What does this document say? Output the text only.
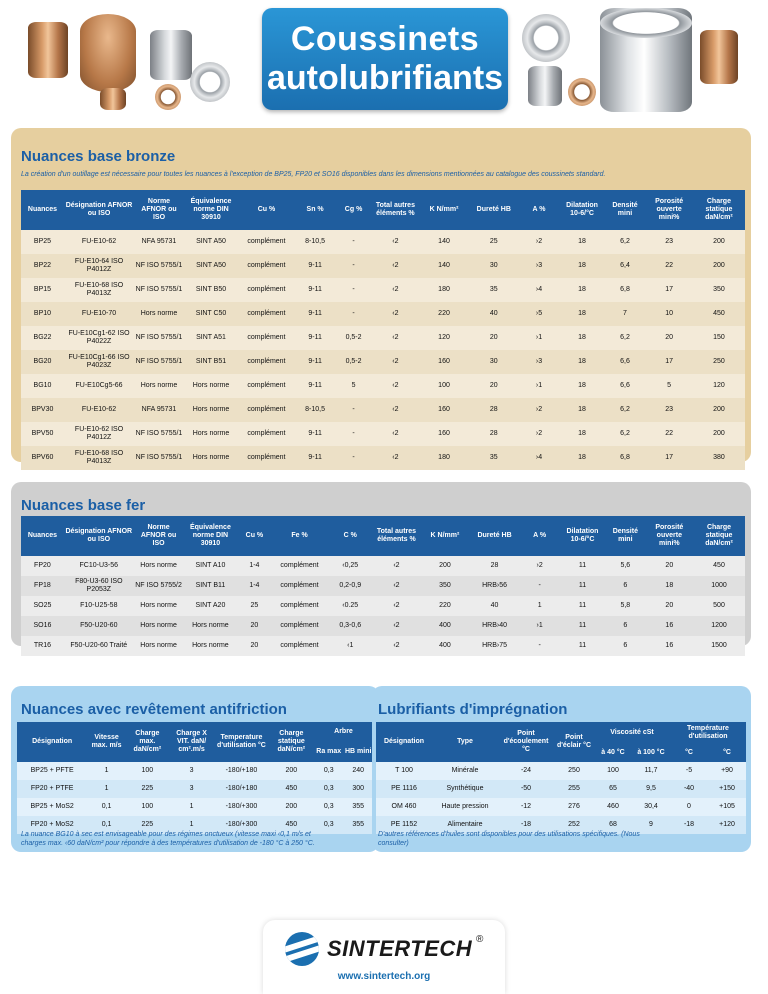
Coussinets
autolubrifiants
Nuances base bronze
La création d'un outillage est nécessaire pour toutes les nuances à l'exception de BP25, FP20 et SO16 disponibles dans les dimensions mentionnées au catalogue des coussinets standard.
Nuances	Désignation AFNOR ou ISO	Norme AFNOR ou ISO	Équivalence norme DIN 30910	Cu %	Sn %	Cg %	Total autres éléments %	K N/mm²	Dureté HB	A %	Dilatation 10-6/°C	Densité mini	Porosité ouverte mini%	Charge statique daN/cm²
BP25	FU-E10-62	NFA 95731	SINT A50	complément	8-10,5	-	‹2	140	25	›2	18	6,2	23	200
BP22	FU-E10-64 ISO P4012Z	NF ISO 5755/1	SINT A50	complément	9-11	-	‹2	140	30	›3	18	6,4	22	200
BP15	FU-E10-68 ISO P4013Z	NF ISO 5755/1	SINT B50	complément	9-11	-	‹2	180	35	›4	18	6,8	17	350
BP10	FU-E10-70	Hors norme	SINT C50	complément	9-11	-	‹2	220	40	›5	18	7	10	450
BG22	FU-E10Cg1-62 ISO P4022Z	NF ISO 5755/1	SINT A51	complément	9-11	0,5-2	‹2	120	20	›1	18	6,2	20	150
BG20	FU-E10Cg1-66 ISO P4023Z	NF ISO 5755/1	SINT B51	complément	9-11	0,5-2	‹2	160	30	›3	18	6,6	17	250
BG10	FU-E10Cg5-66	Hors norme	Hors norme	complément	9-11	5	‹2	100	20	›1	18	6,6	5	120
BPV30	FU-E10-62	NFA 95731	Hors norme	complément	8-10,5	-	‹2	160	28	›2	18	6,2	23	200
BPV50	FU-E10-62 ISO P4012Z	NF ISO 5755/1	Hors norme	complément	9-11	-	‹2	160	28	›2	18	6,2	22	200
BPV60	FU-E10-68 ISO P4013Z	NF ISO 5755/1	Hors norme	complément	9-11	-	‹2	180	35	›4	18	6,8	17	380
Nuances base fer
Nuances	Désignation AFNOR ou ISO	Norme AFNOR ou ISO	Équivalence norme DIN 30910	Cu %	Fe %	C %	Total autres éléments %	K N/mm²	Dureté HB	A %	Dilatation 10-6/°C	Densité mini	Porosité ouverte mini%	Charge statique daN/cm²
FP20	FC10-U3-56	Hors norme	SINT A10	1-4	complément	‹0,25	‹2	200	28	›2	11	5,6	20	450
FP18	F80-U3-60 ISO P2053Z	NF ISO 5755/2	SINT B11	1-4	complément	0,2-0,9	‹2	350	HRB›56	-	11	6	18	1000
SO25	F10-U25-58	Hors norme	SINT A20	25	complément	‹0.25	‹2	220	40	1	11	5,8	20	500
SO16	F50-U20-60	Hors norme	Hors norme	20	complément	0,3-0,6	‹2	400	HRB›40	›1	11	6	16	1200
TR16	F50-U20-60 Traité	Hors norme	Hors norme	20	complément	‹1	‹2	400	HRB›75	-	11	6	16	1500
Nuances avec revêtement antifriction
Désignation	Vitesse max. m/s	Charge max. daN/cm²	Charge X VIT. daN/ cm².m/s	Temperature d'utilisation °C	Charge statique daN/cm²	Arbre	
						Ra max	HB mini
BP25 + PFTE	1	100	3	-180/+180	200	0,3	240
FP20 + PTFE	1	225	3	-180/+180	450	0,3	300
BP25 + MoS2	0,1	100	1	-180/+300	200	0,3	355
FP20 + MoS2	0,1	225	1	-180/+300	450	0,3	355
La nuance BG10 à sec est envisageable pour des régimes onctueux (vitesse maxi ‹0,1 m/s et charges max. ‹60 daN/cm² pour répondre à des températures d'utilisation de -180 °C à 250 °C.
Lubrifiants d'imprégnation
Désignation	Type	Point d'écoulement °C	Point d'éclair °C	Viscosité cSt		Température d'utilisation	
				à 40 °C	à 100 °C	°C	°C
T 100	Minérale	-24	250	100	11,7	-5	+90
PE 1116	Synthétique	-50	255	65	9,5	-40	+150
OM 460	Haute pression	-12	276	460	30,4	0	+105
PE 1152	Alimentaire	-18	252	68	9	-18	+120
D'autres références d'huiles sont disponibles pour des utilisations spécifiques. (Nous consulter)
SINTERTECH ®
www.sintertech.org
